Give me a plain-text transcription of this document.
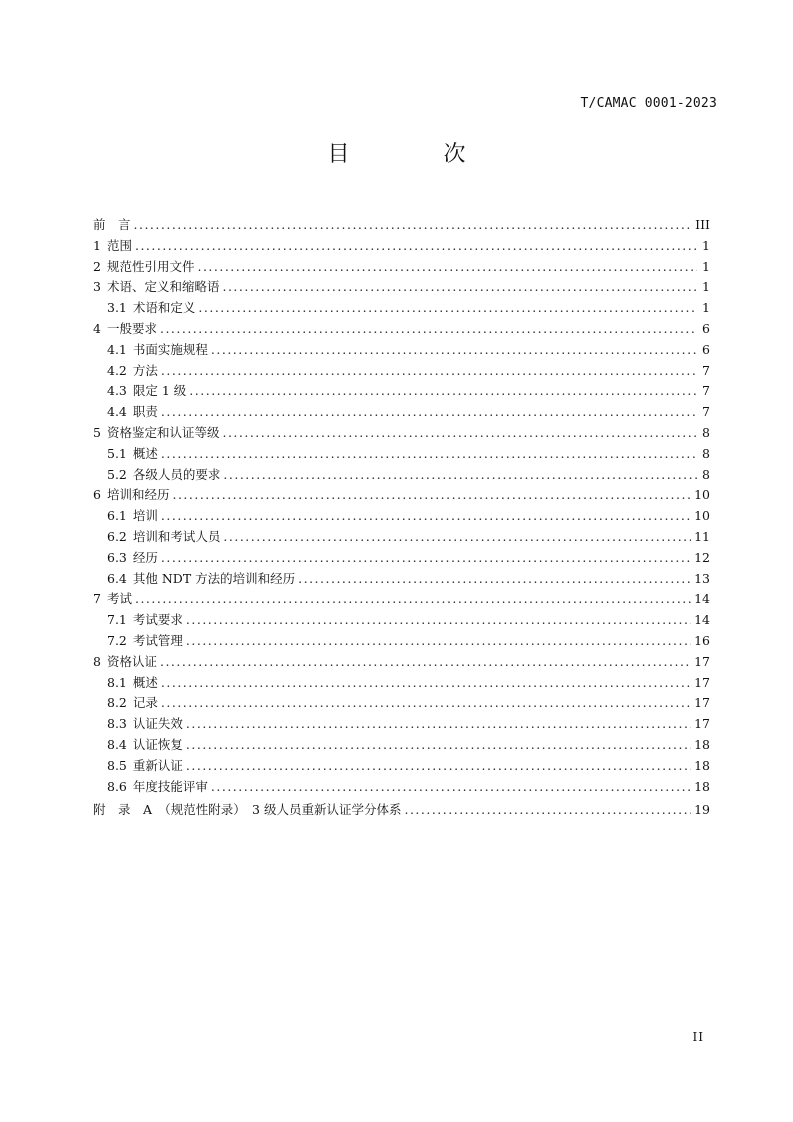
T/CAMAC 0001-2023
目　次
前　言 .....	III
1 范围 .....	1
2 规范性引用文件 .....	1
3 术语、定义和缩略语 .....	1
3.1 术语和定义 .....	1
4 一般要求 .....	6
4.1 书面实施规程 .....	6
4.2 方法 .....	7
4.3 限定 1 级 .....	7
4.4 职责 .....	7
5 资格鉴定和认证等级 .....	8
5.1 概述 .....	8
5.2 各级人员的要求 .....	8
6 培训和经历 .....	10
6.1 培训 .....	10
6.2 培训和考试人员 .....	11
6.3 经历 .....	12
6.4 其他 NDT 方法的培训和经历 .....	13
7 考试 .....	14
7.1 考试要求 .....	14
7.2 考试管理 .....	16
8 资格认证 .....	17
8.1 概述 .....	17
8.2 记录 .....	17
8.3 认证失效 .....	17
8.4 认证恢复 .....	18
8.5 重新认证 .....	18
8.6 年度技能评审 .....	18
附　录　A　（规范性附录）　3 级人员重新认证学分体系 .....	19
II
